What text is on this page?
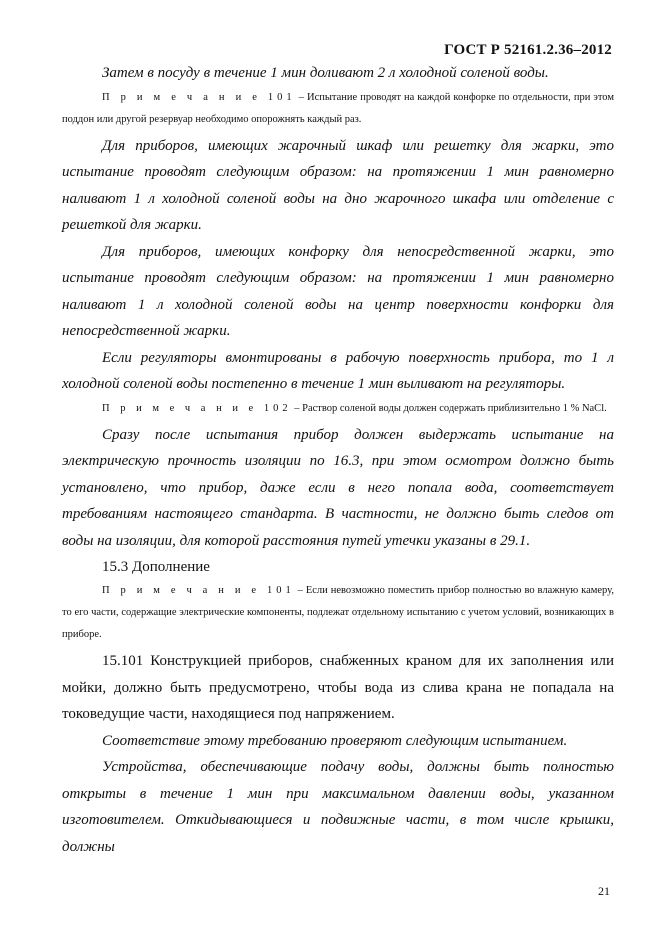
ГОСТ Р 52161.2.36–2012

Затем в посуду в течение 1 мин доливают 2 л холодной соленой воды.

П р и м е ч а н и е 101 – Испытание проводят на каждой конфорке по отдельности, при этом поддон или другой резервуар необходимо опорожнять каждый раз.

Для приборов, имеющих жарочный шкаф или решетку для жарки, это испытание проводят следующим образом: на протяжении 1 мин равномерно наливают 1 л холодной соленой воды на дно жарочного шкафа или отделение с решеткой для жарки.

Для приборов, имеющих конфорку для непосредственной жарки, это испытание проводят следующим образом: на протяжении 1 мин равномерно наливают 1 л холодной соленой воды на центр поверхности конфорки для непосредственной жарки.

Если регуляторы вмонтированы в рабочую поверхность прибора, то 1 л холодной соленой воды постепенно в течение 1 мин выливают на регуляторы.

П р и м е ч а н и е 102 – Раствор соленой воды должен содержать приблизительно 1 % NaCl.

Сразу после испытания прибор должен выдержать испытание на электрическую прочность изоляции по 16.3, при этом осмотром должно быть установлено, что прибор, даже если в него попала вода, соответствует требованиям настоящего стандарта. В частности, не должно быть следов от воды на изоляции, для которой расстояния путей утечки указаны в 29.1.

15.3 Дополнение

П р и м е ч а н и е 101 – Если невозможно поместить прибор полностью во влажную камеру, то его части, содержащие электрические компоненты, подлежат отдельному испытанию с учетом условий, возникающих в приборе.

15.101 Конструкцией приборов, снабженных краном для их заполнения или мойки, должно быть предусмотрено, чтобы вода из слива крана не попадала на токоведущие части, находящиеся под напряжением.

Соответствие этому требованию проверяют следующим испытанием.

Устройства, обеспечивающие подачу воды, должны быть полностью открыты в течение 1 мин при максимальном давлении воды, указанном изготовителем. Откидывающиеся и подвижные части, в том числе крышки, должны

21
